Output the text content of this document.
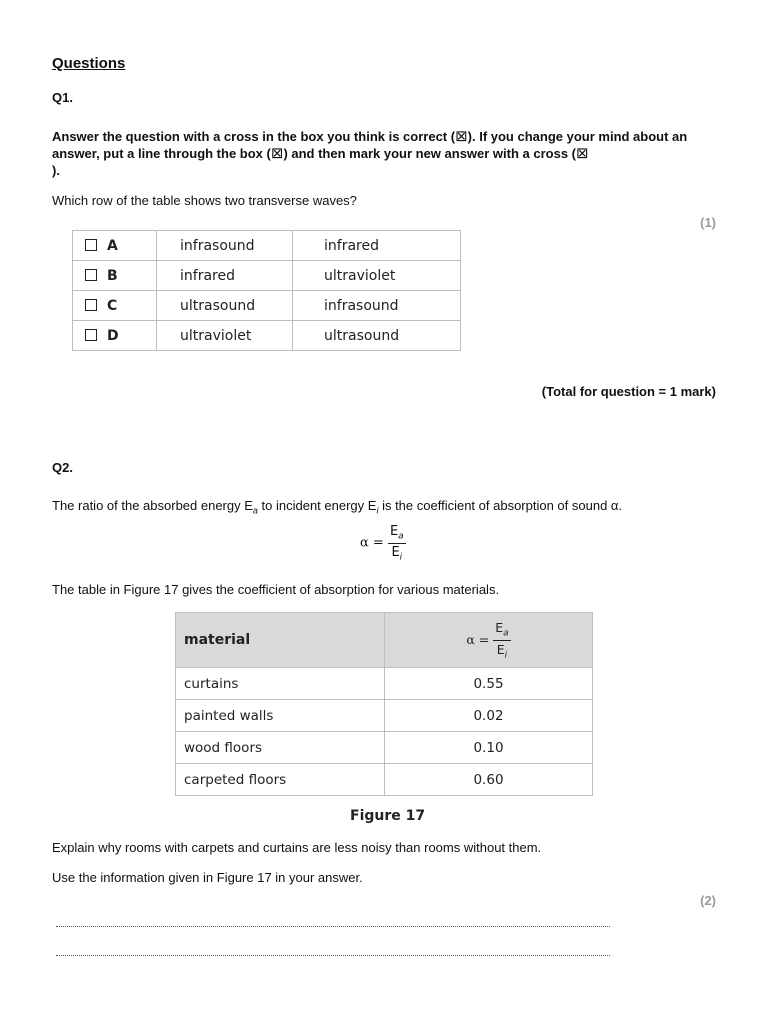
Questions
Q1.
Answer the question with a cross in the box you think is correct (⊠). If you change your mind about an answer, put a line through the box (⊠) and then mark your new answer with a cross (⊠
).
Which row of the table shows two transverse waves?
(1)
A	infrasound	infrared
B	infrared	ultraviolet
C	ultrasound	infrasound
D	ultraviolet	ultrasound
(Total for question = 1 mark)
Q2.
The ratio of the absorbed energy $E_a$ to incident energy $E_i$ is the coefficient of absorption of sound α.
$\alpha = \frac{E_a}{E_i}$
The table in Figure 17 gives the coefficient of absorption for various materials.
material	$\alpha = \frac{E_a}{E_i}$

curtains	0.55
painted walls	0.02
wood floors	0.10
carpeted floors	0.60
Figure 17
Explain why rooms with carpets and curtains are less noisy than rooms without them.
Use the information given in Figure 17 in your answer.
(2)
